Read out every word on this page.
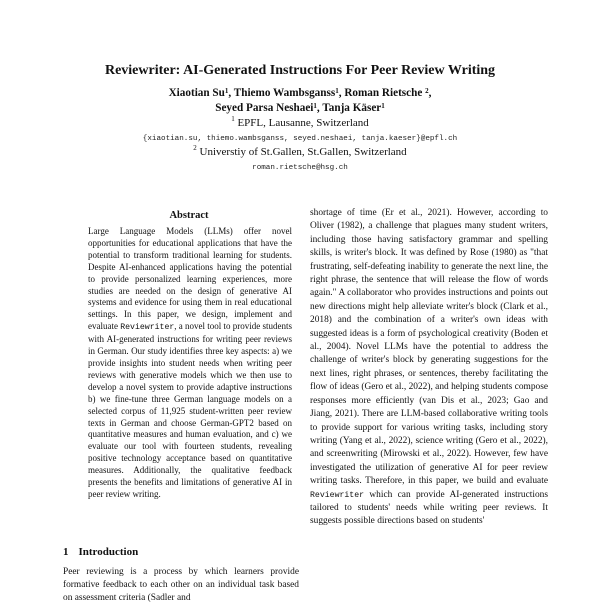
Reviewriter: AI-Generated Instructions For Peer Review Writing
Xiaotian Su$^1$, Thiemo Wambsganss$^1$, Roman Rietsche $^2$,
Seyed Parsa Neshaei$^1$, Tanja Käser$^1$
$^1$ EPFL, Lausanne, Switzerland
{xiaotian.su, thiemo.wambsganss, seyed.neshaei, tanja.kaeser}@epfl.ch
$^2$ Universtiy of St.Gallen, St.Gallen, Switzerland
roman.rietsche@hsg.ch
Abstract
Large Language Models (LLMs) offer novel opportunities for educational applications that have the potential to transform traditional learning for students. Despite AI-enhanced applications having the potential to provide personalized learning experiences, more studies are needed on the design of generative AI systems and evidence for using them in real educational settings. In this paper, we design, implement and evaluate Reviewriter, a novel tool to provide students with AI-generated instructions for writing peer reviews in German. Our study identifies three key aspects: a) we provide insights into student needs when writing peer reviews with generative models which we then use to develop a novel system to provide adaptive instructions b) we fine-tune three German language models on a selected corpus of 11,925 student-written peer review texts in German and choose German-GPT2 based on quantitative measures and human evaluation, and c) we evaluate our tool with fourteen students, revealing positive technology acceptance based on quantitative measures. Additionally, the qualitative feedback presents the benefits and limitations of generative AI in peer review writing.
1 Introduction
Peer reviewing is a process by which learners provide formative feedback to each other on an individual task based on assessment criteria (Sadler and
shortage of time (Er et al., 2021). However, according to Oliver (1982), a challenge that plagues many student writers, including those having satisfactory grammar and spelling skills, is writer's block. It was defined by Rose (1980) as "that frustrating, self-defeating inability to generate the next line, the right phrase, the sentence that will release the flow of words again." A collaborator who provides instructions and points out new directions might help alleviate writer's block (Clark et al., 2018) and the combination of a writer's own ideas with suggested ideas is a form of psychological creativity (Boden et al., 2004). Novel LLMs have the potential to address the challenge of writer's block by generating suggestions for the next lines, right phrases, or sentences, thereby facilitating the flow of ideas (Gero et al., 2022), and helping students compose responses more efficiently (van Dis et al., 2023; Gao and Jiang, 2021). There are LLM-based collaborative writing tools to provide support for various writing tasks, including story writing (Yang et al., 2022), science writing (Gero et al., 2022), and screenwriting (Mirowski et al., 2022). However, few have investigated the utilization of generative AI for peer review writing tasks. Therefore, in this paper, we build and evaluate Reviewriter which can provide AI-generated instructions tailored to students' needs while writing peer reviews. It suggests possible directions based on students'
